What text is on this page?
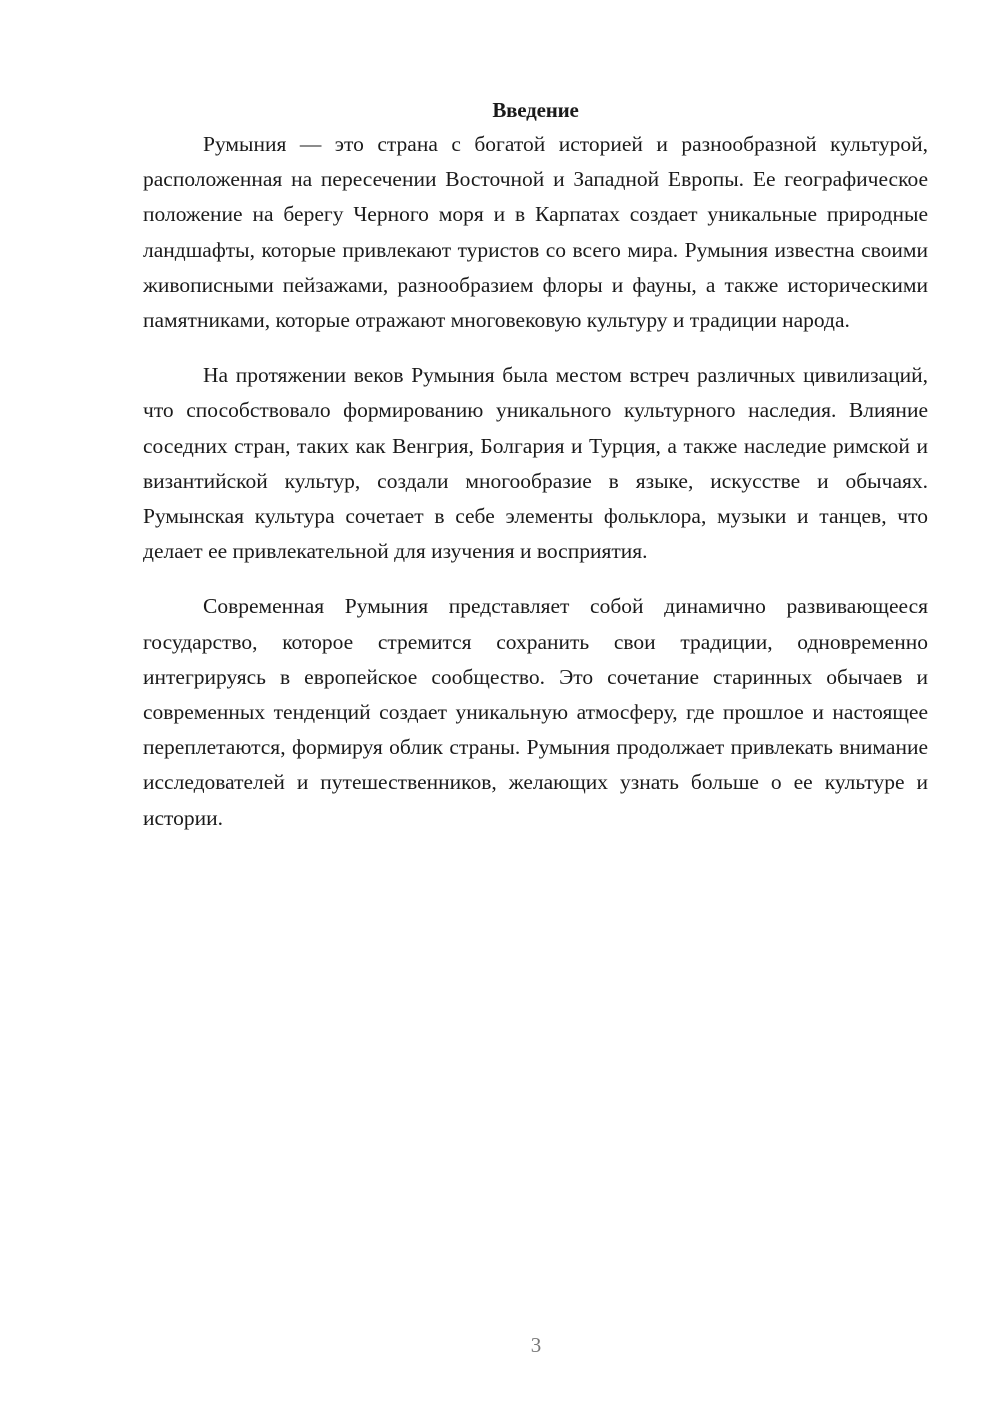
Введение

Румыния — это страна с богатой историей и разнообразной культурой, расположенная на пересечении Восточной и Западной Европы. Ее географическое положение на берегу Черного моря и в Карпатах создает уникальные природные ландшафты, которые привлекают туристов со всего мира. Румыния известна своими живописными пейзажами, разнообразием флоры и фауны, а также историческими памятниками, которые отражают многовековую культуру и традиции народа.

На протяжении веков Румыния была местом встреч различных цивилизаций, что способствовало формированию уникального культурного наследия. Влияние соседних стран, таких как Венгрия, Болгария и Турция, а также наследие римской и византийской культур, создали многообразие в языке, искусстве и обычаях. Румынская культура сочетает в себе элементы фольклора, музыки и танцев, что делает ее привлекательной для изучения и восприятия.

Современная Румыния представляет собой динамично развивающееся государство, которое стремится сохранить свои традиции, одновременно интегрируясь в европейское сообщество. Это сочетание старинных обычаев и современных тенденций создает уникальную атмосферу, где прошлое и настоящее переплетаются, формируя облик страны. Румыния продолжает привлекать внимание исследователей и путешественников, желающих узнать больше о ее культуре и истории.

3
